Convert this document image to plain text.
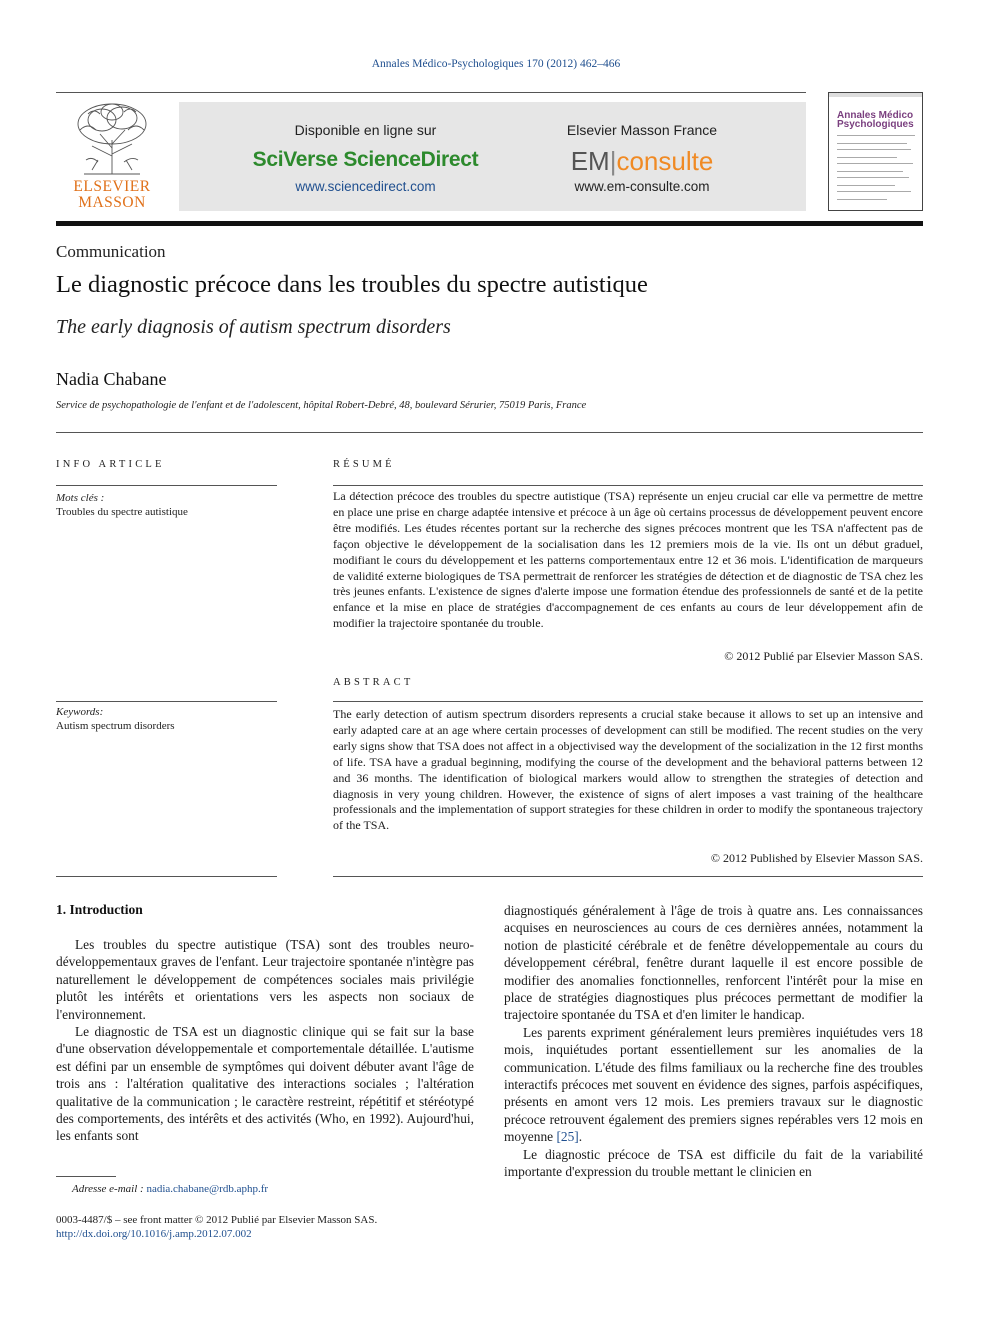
Annales Médico-Psychologiques 170 (2012) 462–466
ELSEVIER
MASSON
Disponible en ligne sur
SciVerse ScienceDirect
www.sciencedirect.com
Elsevier Masson France
EM|consulte
www.em-consulte.com
Annales Médico
Psychologiques
Communication
Le diagnostic précoce dans les troubles du spectre autistique
The early diagnosis of autism spectrum disorders
Nadia Chabane
Service de psychopathologie de l'enfant et de l'adolescent, hôpital Robert-Debré, 48, boulevard Sérurier, 75019 Paris, France
INFO ARTICLE	RÉSUMÉ
Mots clés :
Troubles du spectre autistique
La détection précoce des troubles du spectre autistique (TSA) représente un enjeu crucial car elle va permettre de mettre en place une prise en charge adaptée intensive et précoce à un âge où certains processus de développement peuvent encore être modifiés. Les études récentes portant sur la recherche des signes précoces montrent que les TSA n'affectent pas de façon objective le développement de la socialisation dans les 12 premiers mois de la vie. Ils ont un début graduel, modifiant le cours du développement et les patterns comportementaux entre 12 et 36 mois. L'identification de marqueurs de validité externe biologiques de TSA permettrait de renforcer les stratégies de détection et de diagnostic de TSA chez les très jeunes enfants. L'existence de signes d'alerte impose une formation étendue des professionnels de santé et de la petite enfance et la mise en place de stratégies d'accompagnement de ces enfants au cours de leur développement afin de modifier la trajectoire spontanée du trouble.
© 2012 Publié par Elsevier Masson SAS.
ABSTRACT
Keywords:
Autism spectrum disorders
The early detection of autism spectrum disorders represents a crucial stake because it allows to set up an intensive and early adapted care at an age where certain processes of development can still be modified. The recent studies on the very early signs show that TSA does not affect in a objectivised way the development of the socialization in the 12 first months of life. TSA have a gradual beginning, modifying the course of the development and the behavioral patterns between 12 and 36 months. The identification of biological markers would allow to strengthen the strategies of detection and diagnosis in very young children. However, the existence of signs of alert imposes a vast training of the healthcare professionals and the implementation of support strategies for these children in order to modify the spontaneous trajectory of the TSA.
© 2012 Published by Elsevier Masson SAS.
1. Introduction

Les troubles du spectre autistique (TSA) sont des troubles neuro-développementaux graves de l'enfant. Leur trajectoire spontanée n'intègre pas naturellement le développement de compétences sociales mais privilégie plutôt les intérêts et orientations vers les aspects non sociaux de l'environnement.

Le diagnostic de TSA est un diagnostic clinique qui se fait sur la base d'une observation développementale et comportementale détaillée. L'autisme est défini par un ensemble de symptômes qui doivent débuter avant l'âge de trois ans : l'altération qualitative des interactions sociales ; l'altération qualitative de la communication ; le caractère restreint, répétitif et stéréotypé des comportements, des intérêts et des activités (Who, en 1992). Aujourd'hui, les enfants sont

diagnostiqués généralement à l'âge de trois à quatre ans. Les connaissances acquises en neurosciences au cours de ces dernières années, notamment la notion de plasticité cérébrale et de fenêtre développementale au cours du développement cérébral, fenêtre durant laquelle il est encore possible de modifier des anomalies fonctionnelles, renforcent l'intérêt pour la mise en place de stratégies diagnostiques plus précoces permettant de modifier la trajectoire spontanée du TSA et d'en limiter le handicap.

Les parents expriment généralement leurs premières inquiétudes vers 18 mois, inquiétudes portant essentiellement sur les anomalies de la communication. L'étude des films familiaux ou la recherche fine des troubles interactifs précoces met souvent en évidence des signes, parfois aspécifiques, présents en amont vers 12 mois. Les premiers travaux sur le diagnostic précoce retrouvent également des premiers signes repérables vers 12 mois en moyenne [25].

Le diagnostic précoce de TSA est difficile du fait de la variabilité importante d'expression du trouble mettant le clinicien en

Adresse e-mail : nadia.chabane@rdb.aphp.fr
0003-4487/$ – see front matter © 2012 Publié par Elsevier Masson SAS.
http://dx.doi.org/10.1016/j.amp.2012.07.002
